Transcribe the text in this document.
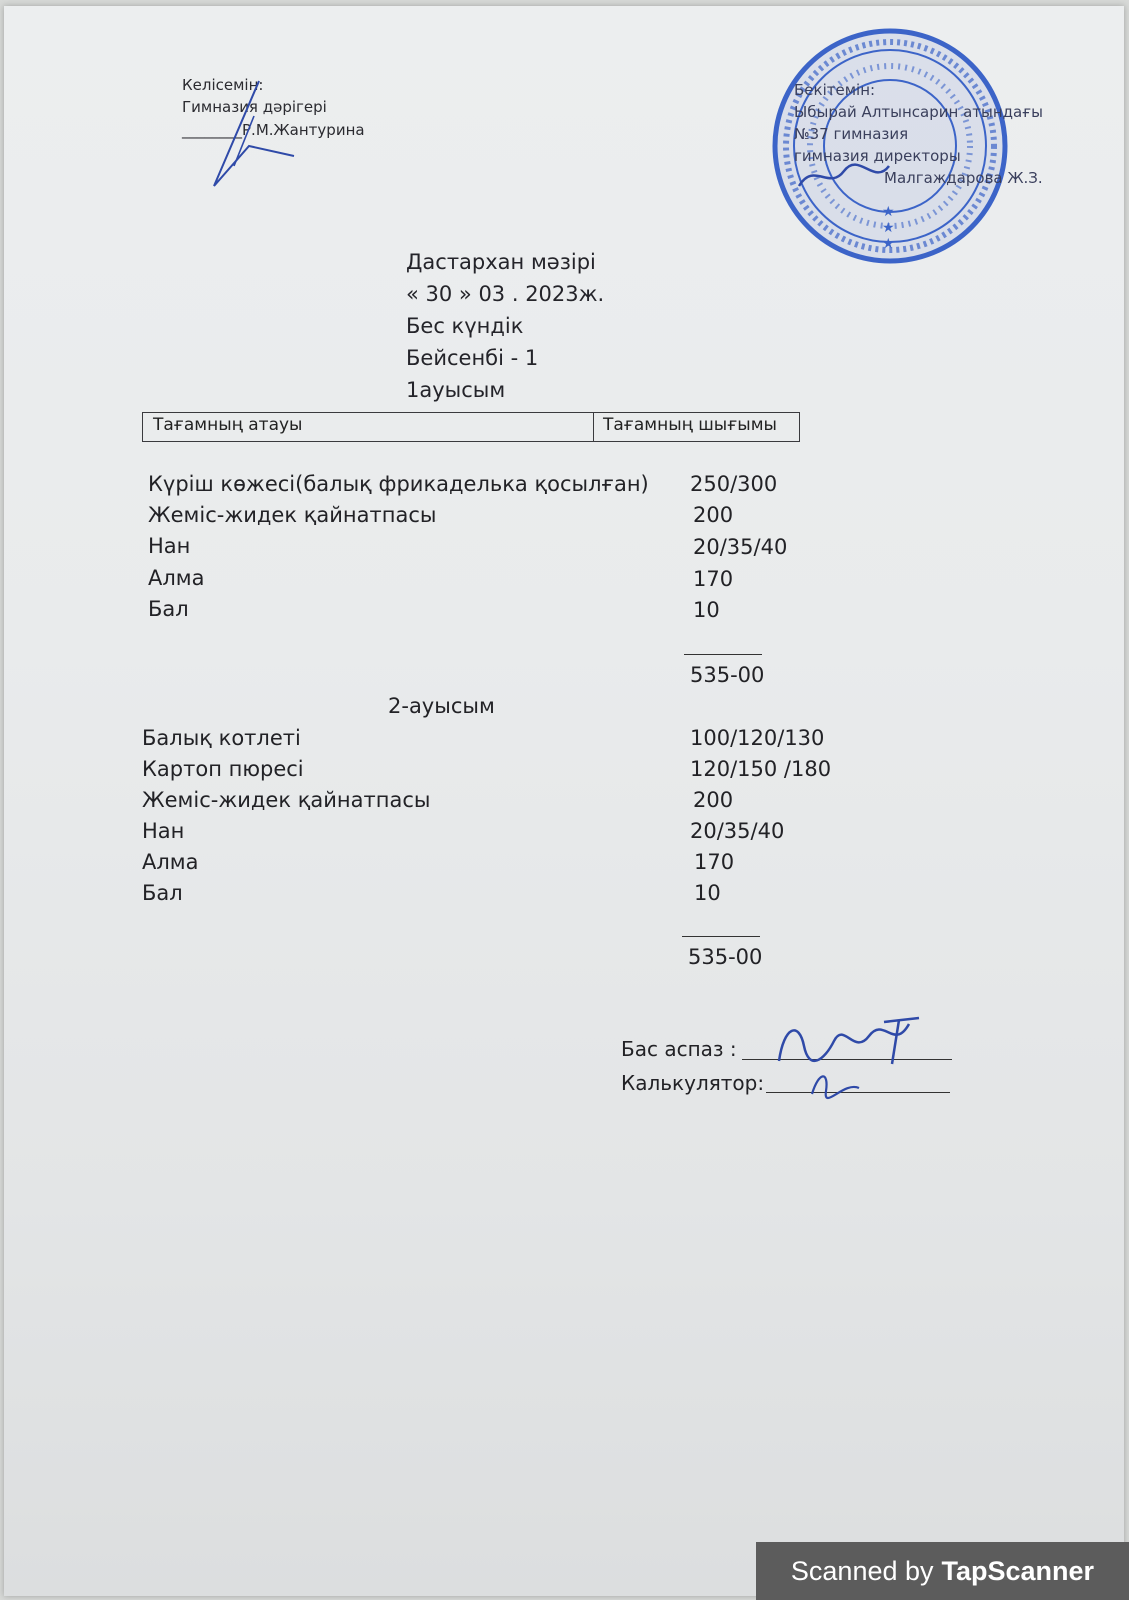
Келісемін:
Гимназия дәрігері
________Р.М.Жантурина
★
★
★
Бекітемін:
Ыбырай Алтынсарин атындағы
№37 гимназия
гимназия директоры
Малгаждарова Ж.З.
Дастархан мәзірі
« 30 » 03 . 2023ж.
Бес күндік
Бейсенбі - 1
1ауысым
Тағамның атауы	Тағамның шығымы
Күріш көжесі(балық фрикаделька қосылған) 250/300
Жеміс-жидек қайнатпасы	200
Нан	20/35/40
Алма	170
Бал	10
535-00
2-ауысым
Балық котлеті	100/120/130
Картоп пюресі	120/150 /180
Жеміс-жидек қайнатпасы	200
Нан	20/35/40
Алма	170
Бал	10
535-00
Бас аспаз :
Калькулятор:
Scanned by TapScanner
